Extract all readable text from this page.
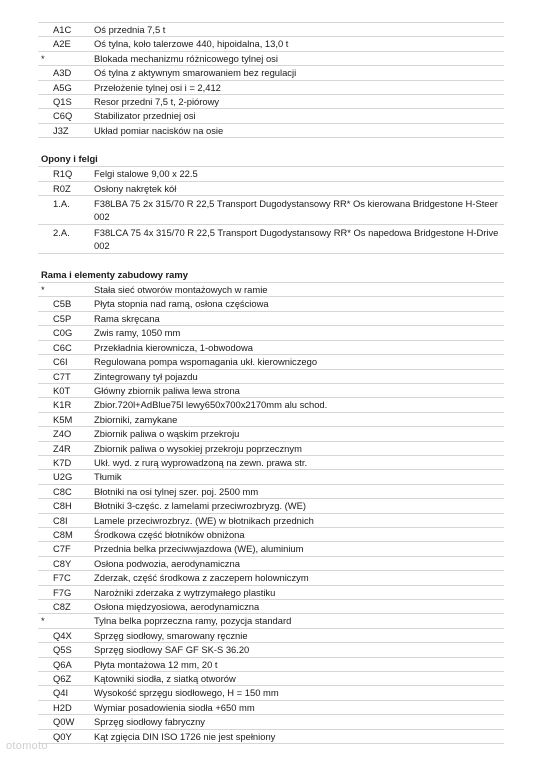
A1C	Oś przednia 7,5 t
A2E	Oś tylna, koło talerzowe 440, hipoidalna, 13,0 t
*	Blokada mechanizmu różnicowego tylnej osi
A3D	Oś tylna z aktywnym smarowaniem bez regulacji
A5G	Przełożenie tylnej osi i = 2,412
Q1S	Resor przedni 7,5 t, 2-piórowy
C6Q	Stabilizator przedniej osi
J3Z	Układ pomiar nacisków na osie
Opony i felgi
R1Q	Felgi stalowe 9,00 x 22.5
R0Z	Osłony nakrętek kół
1.A.	F38LBA 75 2x 315/70 R 22,5 Transport Dugodystansowy RR* Os kierowana Bridgestone H-Steer 002
2.A.	F38LCA 75 4x 315/70 R 22,5 Transport Dugodystansowy RR* Os napedowa Bridgestone H-Drive 002
Rama i elementy zabudowy ramy
*	Stała sieć otworów montażowych w ramie
C5B	Płyta stopnia nad ramą, osłona częściowa
C5P	Rama skręcana
C0G	Zwis ramy, 1050 mm
C6C	Przekładnia kierownicza, 1-obwodowa
C6I	Regulowana pompa wspomagania ukł. kierowniczego
C7T	Zintegrowany tył pojazdu
K0T	Główny zbiornik paliwa lewa strona
K1R	Zbior.720l+AdBlue75l lewy650x700x2170mm alu schod.
K5M	Zbiorniki, zamykane
Z4O	Zbiornik paliwa o wąskim przekroju
Z4R	Zbiornik paliwa o wysokiej przekroju poprzecznym
K7D	Ukł. wyd. z rurą wyprowadzoną na zewn. prawa str.
U2G	Tłumik
C8C	Błotniki na osi tylnej szer. poj. 2500 mm
C8H	Błotniki 3-częśc. z lamelami przeciwrozbryzg. (WE)
C8I	Lamele przeciwrozbryz. (WE) w błotnikach przednich
C8M	Środkowa część błotników obniżona
C7F	Przednia belka przeciwwjazdowa (WE), aluminium
C8Y	Osłona podwozia, aerodynamiczna
F7C	Zderzak, część środkowa z zaczepem holowniczym
F7G	Narożniki zderzaka z wytrzymałego plastiku
C8Z	Osłona międzyosiowa, aerodynamiczna
*	Tylna belka poprzeczna ramy, pozycja standard
Q4X	Sprzęg siodłowy, smarowany ręcznie
Q5S	Sprzęg siodłowy SAF GF SK-S 36.20
Q6A	Płyta montażowa 12 mm, 20 t
Q6Z	Kątowniki siodła, z siatką otworów
Q4I	Wysokość sprzęgu siodłowego, H = 150 mm
H2D	Wymiar posadowienia siodła +650 mm
Q0W	Sprzęg siodłowy fabryczny
Q0Y	Kąt zgięcia DIN ISO 1726 nie jest spełniony
otomoto
